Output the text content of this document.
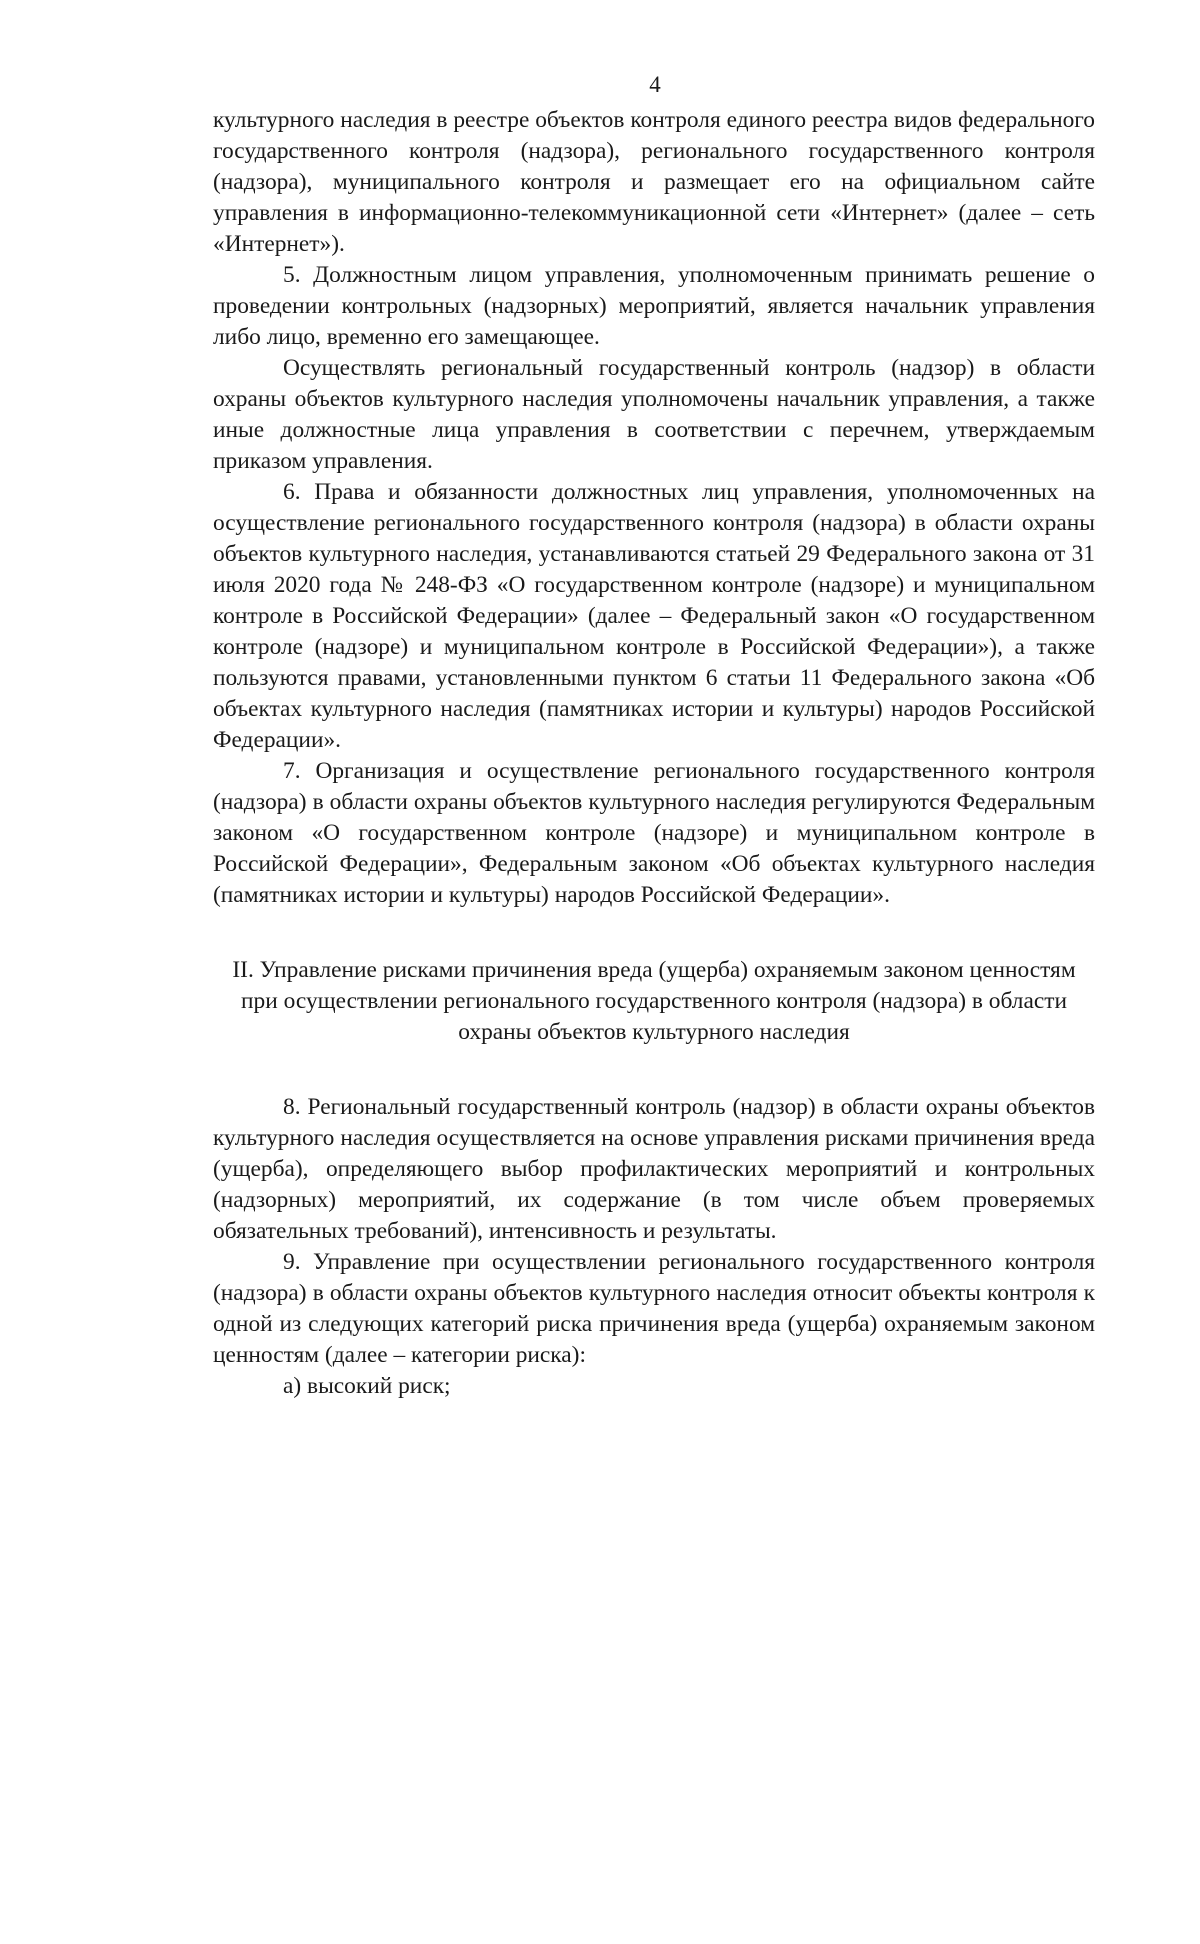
4

культурного наследия в реестре объектов контроля единого реестра видов федерального государственного контроля (надзора), регионального государственного контроля (надзора), муниципального контроля и размещает его на официальном сайте управления в информационно-телекоммуникационной сети «Интернет» (далее – сеть «Интернет»).

5. Должностным лицом управления, уполномоченным принимать решение о проведении контрольных (надзорных) мероприятий, является начальник управления либо лицо, временно его замещающее.

Осуществлять региональный государственный контроль (надзор) в области охраны объектов культурного наследия уполномочены начальник управления, а также иные должностные лица управления в соответствии с перечнем, утверждаемым приказом управления.

6. Права и обязанности должностных лиц управления, уполномоченных на осуществление регионального государственного контроля (надзора) в области охраны объектов культурного наследия, устанавливаются статьей 29 Федерального закона от 31 июля 2020 года № 248-ФЗ «О государственном контроле (надзоре) и муниципальном контроле в Российской Федерации» (далее – Федеральный закон «О государственном контроле (надзоре) и муниципальном контроле в Российской Федерации»), а также пользуются правами, установленными пунктом 6 статьи 11 Федерального закона «Об объектах культурного наследия (памятниках истории и культуры) народов Российской Федерации».

7. Организация и осуществление регионального государственного контроля (надзора) в области охраны объектов культурного наследия регулируются Федеральным законом «О государственном контроле (надзоре) и муниципальном контроле в Российской Федерации», Федеральным законом «Об объектах культурного наследия (памятниках истории и культуры) народов Российской Федерации».

II. Управление рисками причинения вреда (ущерба) охраняемым законом ценностям при осуществлении регионального государственного контроля (надзора) в области охраны объектов культурного наследия

8. Региональный государственный контроль (надзор) в области охраны объектов культурного наследия осуществляется на основе управления рисками причинения вреда (ущерба), определяющего выбор профилактических мероприятий и контрольных (надзорных) мероприятий, их содержание (в том числе объем проверяемых обязательных требований), интенсивность и результаты.

9. Управление при осуществлении регионального государственного контроля (надзора) в области охраны объектов культурного наследия относит объекты контроля к одной из следующих категорий риска причинения вреда (ущерба) охраняемым законом ценностям (далее – категории риска):

а) высокий риск;
